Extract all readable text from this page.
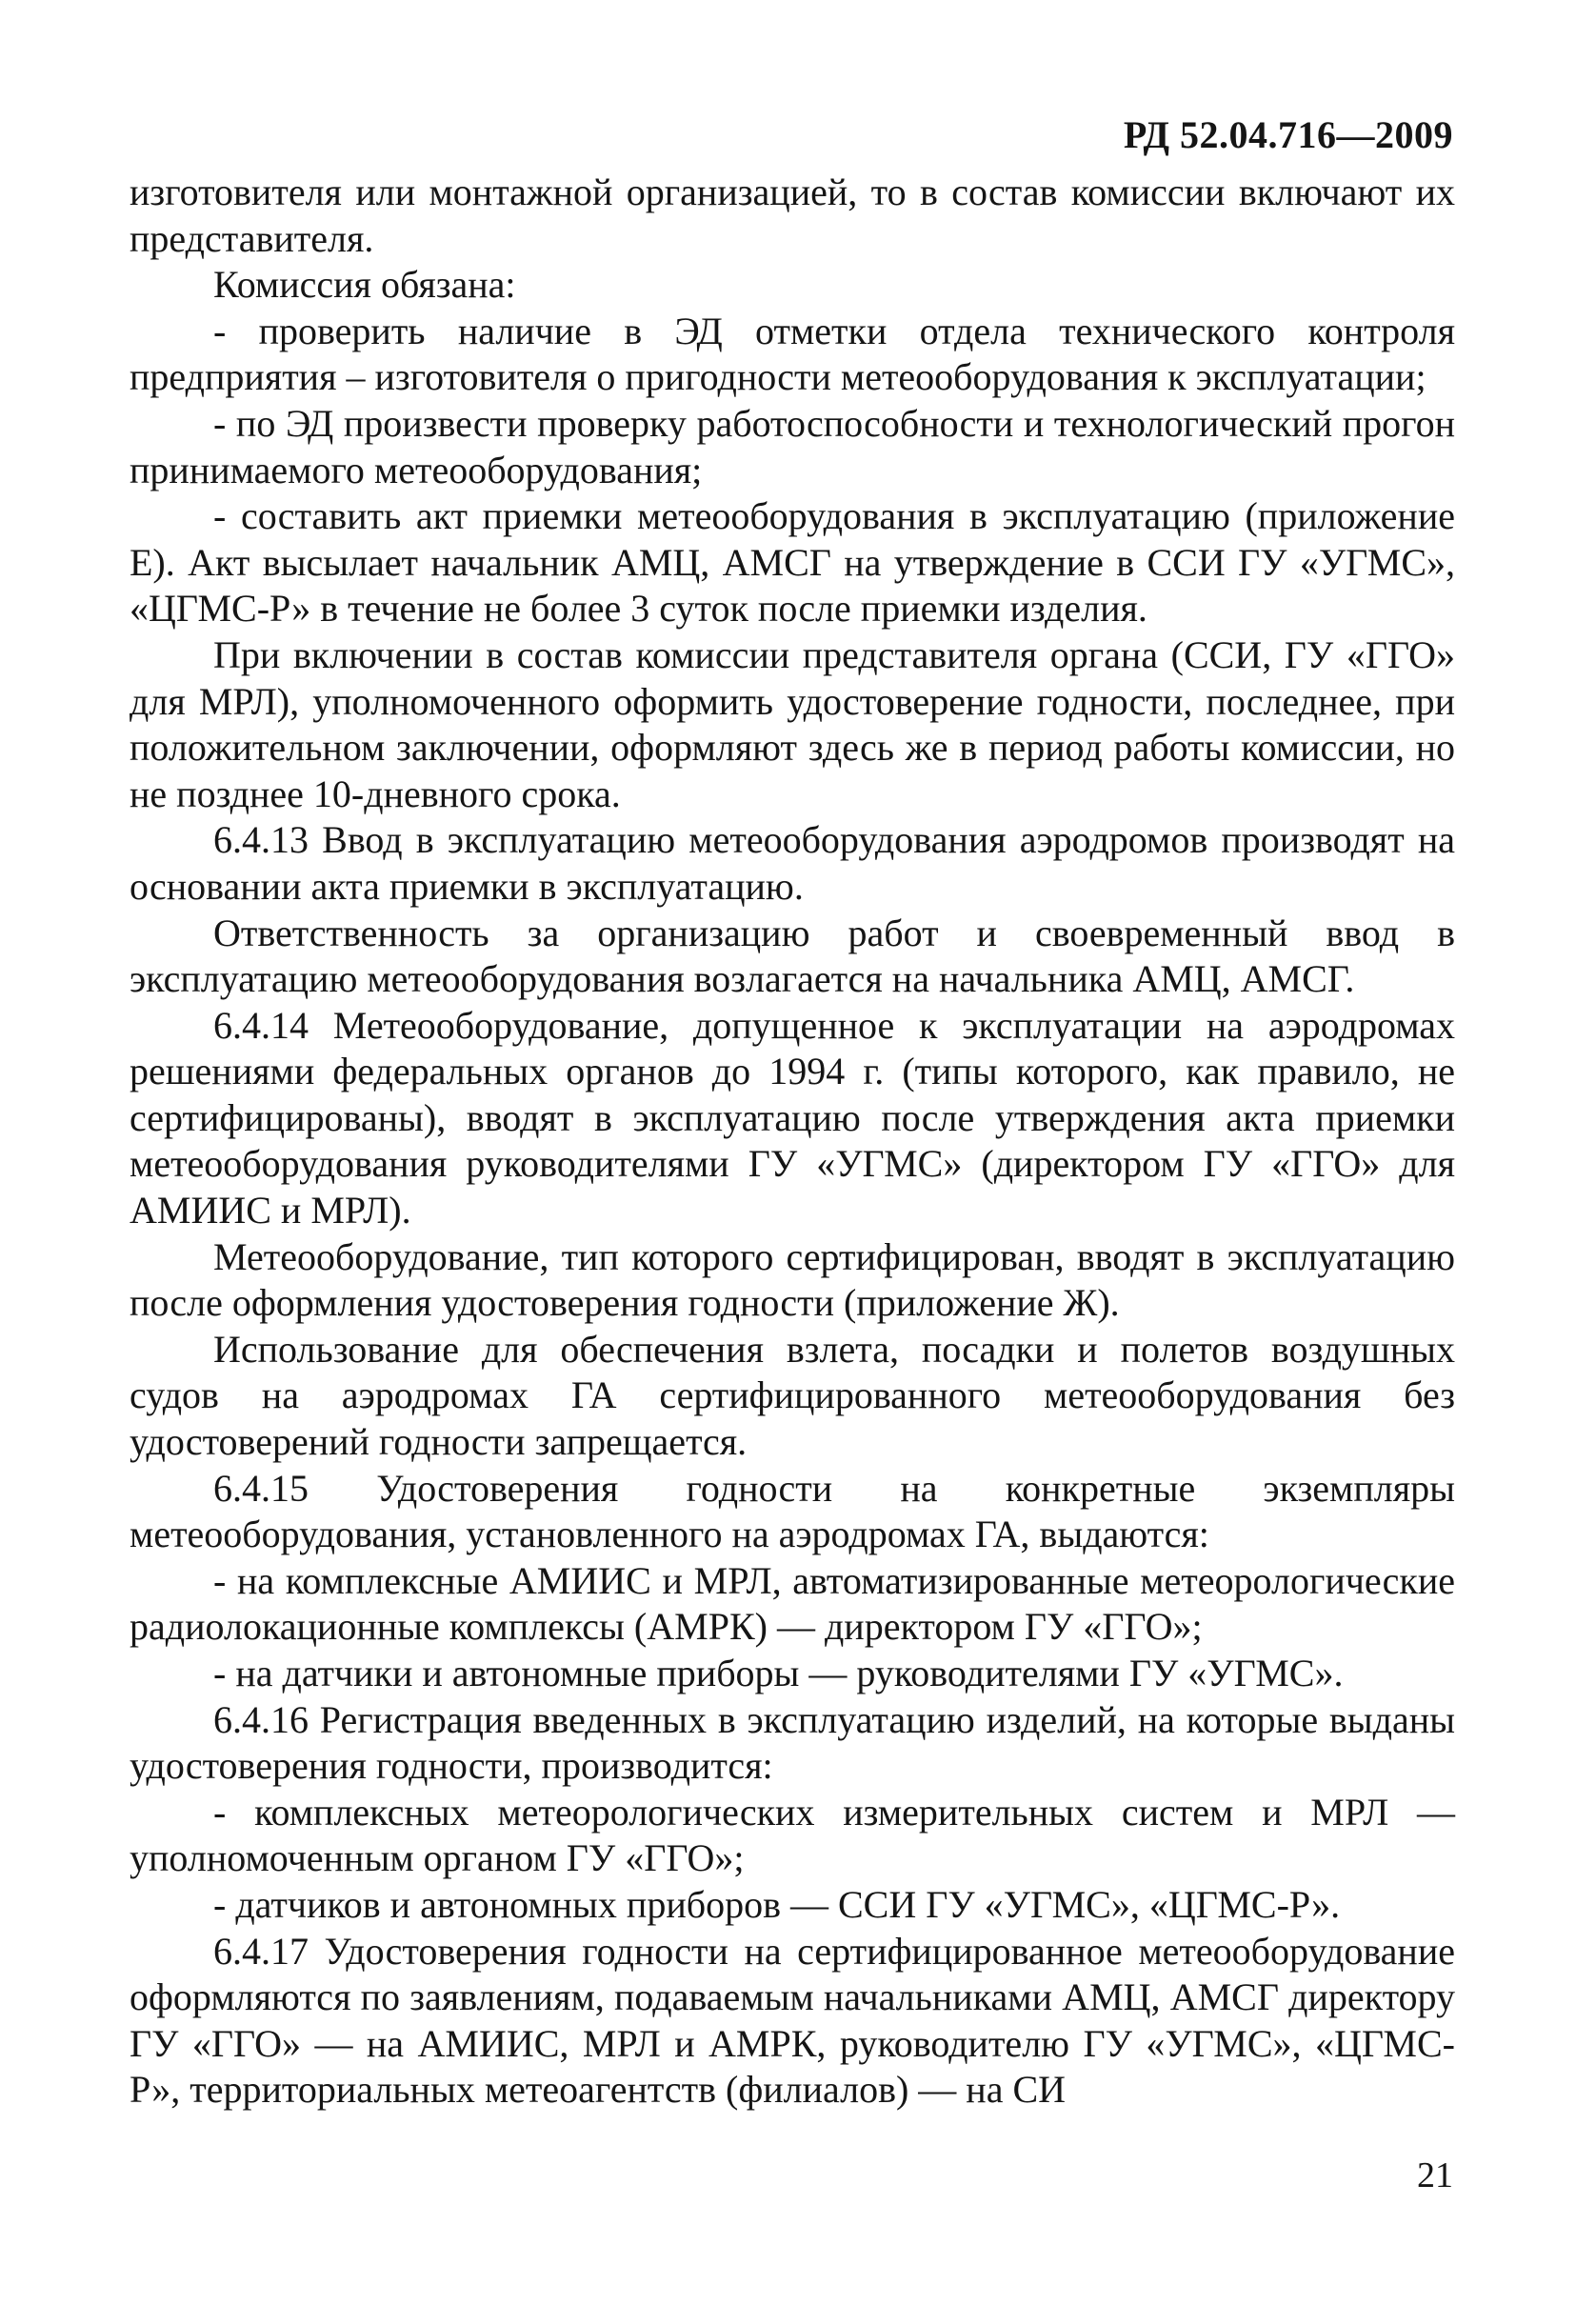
РД 52.04.716—2009

изготовителя или монтажной организацией, то в состав комиссии включают их представителя.

Комиссия обязана:

- проверить наличие в ЭД отметки отдела технического контроля предприятия – изготовителя о пригодности метеооборудования к эксплуатации;

- по ЭД произвести проверку работоспособности и технологический прогон принимаемого метеооборудования;

- составить акт приемки метеооборудования в эксплуатацию (приложение Е). Акт высылает начальник АМЦ, АМСГ на утверждение в ССИ ГУ «УГМС», «ЦГМС-Р» в течение не более 3 суток после приемки изделия.

При включении в состав комиссии представителя органа (ССИ, ГУ «ГГО» для МРЛ), уполномоченного оформить удостоверение годности, последнее, при положительном заключении, оформляют здесь же в период работы комиссии, но не позднее 10-дневного срока.

6.4.13 Ввод в эксплуатацию метеооборудования аэродромов производят на основании акта приемки в эксплуатацию.

Ответственность за организацию работ и своевременный ввод в эксплуатацию метеооборудования возлагается на начальника АМЦ, АМСГ.

6.4.14 Метеооборудование, допущенное к эксплуатации на аэродромах решениями федеральных органов до 1994 г. (типы которого, как правило, не сертифицированы), вводят в эксплуатацию после утверждения акта приемки метеооборудования руководителями ГУ «УГМС» (директором ГУ «ГГО» для АМИИС и МРЛ).

Метеооборудование, тип которого сертифицирован, вводят в эксплуатацию после оформления удостоверения годности (приложение Ж).

Использование для обеспечения взлета, посадки и полетов воздушных судов на аэродромах ГА сертифицированного метеооборудования без удостоверений годности запрещается.

6.4.15 Удостоверения годности на конкретные экземпляры метеооборудования, установленного на аэродромах ГА, выдаются:

- на комплексные АМИИС и МРЛ, автоматизированные метеорологические радиолокационные комплексы (АМРК) — директором ГУ «ГГО»;

- на датчики и автономные приборы — руководителями ГУ «УГМС».

6.4.16 Регистрация введенных в эксплуатацию изделий, на которые выданы удостоверения годности, производится:

- комплексных метеорологических измерительных систем и МРЛ — уполномоченным органом ГУ «ГГО»;

- датчиков и автономных приборов — ССИ ГУ «УГМС», «ЦГМС-Р».

6.4.17 Удостоверения годности на сертифицированное метеооборудование оформляются по заявлениям, подаваемым начальниками АМЦ, АМСГ директору ГУ «ГГО» — на АМИИС, МРЛ и АМРК, руководителю ГУ «УГМС», «ЦГМС-Р», территориальных метеоагентств (филиалов) — на СИ

21
